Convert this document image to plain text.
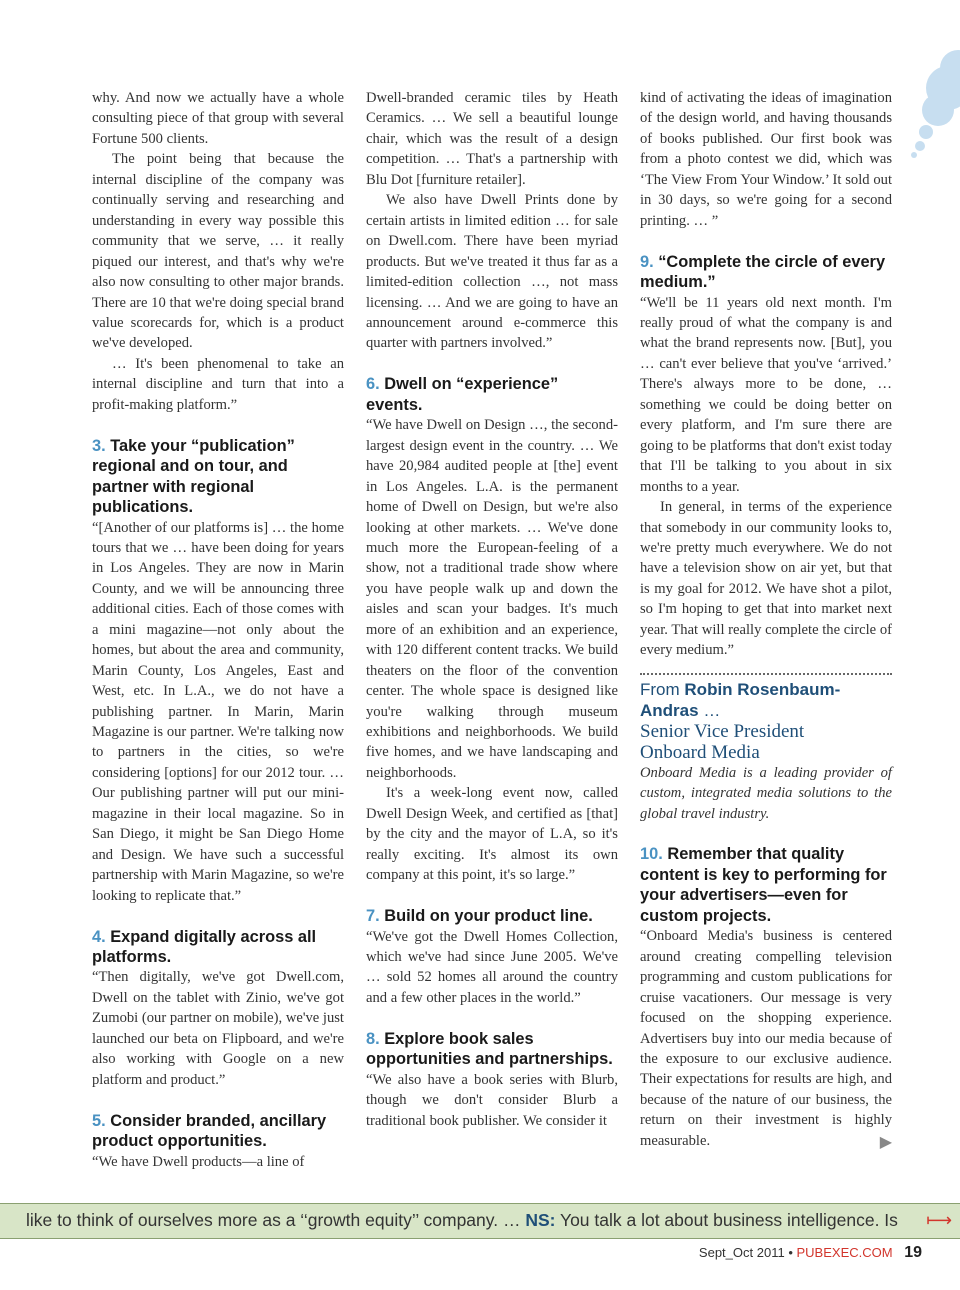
why. And now we actually have a whole consulting piece of that group with several Fortune 500 clients.

The point being that because the internal discipline of the company was continually serving and researching and understanding in every way possible this community that we serve, … it really piqued our interest, and that's why we're also now consulting to other major brands. There are 10 that we're doing special brand value scorecards for, which is a product we've developed.

… It's been phenomenal to take an internal discipline and turn that into a profit-making platform.”

3. Take your “publication” regional and on tour, and partner with regional publications.

“[Another of our platforms is] … the home tours that we … have been doing for years in Los Angeles. They are now in Marin County, and we will be announcing three additional cities. Each of those comes with a mini magazine—not only about the homes, but about the area and community, Marin County, Los Angeles, East and West, etc. In L.A., we do not have a publishing partner. In Marin, Marin Magazine is our partner. We're talking now to partners in the cities, so we're considering [options] for our 2012 tour. …Our publishing partner will put our mini-magazine in their local magazine. So in San Diego, it might be San Diego Home and Design. We have such a successful partnership with Marin Magazine, so we're looking to replicate that.”

4. Expand digitally across all platforms.

“Then digitally, we've got Dwell.com, Dwell on the tablet with Zinio, we've got Zumobi (our partner on mobile), we've just launched our beta on Flipboard, and we're also working with Google on a new platform and product.”

5. Consider branded, ancillary product opportunities.

“We have Dwell products—a line of

Dwell-branded ceramic tiles by Heath Ceramics. … We sell a beautiful lounge chair, which was the result of a design competition. … That's a partnership with Blu Dot [furniture retailer].

We also have Dwell Prints done by certain artists in limited edition … for sale on Dwell.com. There have been myriad products. But we've treated it thus far as a limited-edition collection …, not mass licensing. … And we are going to have an announcement around e-commerce this quarter with partners involved.”

6. Dwell on “experience” events.

“We have Dwell on Design …, the second-largest design event in the country. … We have 20,984 audited people at [the] event in Los Angeles. L.A. is the permanent home of Dwell on Design, but we're also looking at other markets. … We've done much more the European-feeling of a show, not a traditional trade show where you have people walk up and down the aisles and scan your badges. It's much more of an exhibition and an experience, with 120 different content tracks. We build theaters on the floor of the convention center. The whole space is designed like you're walking through museum exhibitions and neighborhoods. We build five homes, and we have landscaping and neighborhoods.

It's a week-long event now, called Dwell Design Week, and certified as [that] by the city and the mayor of L.A, so it's really exciting. It's almost its own company at this point, it's so large.”

7. Build on your product line.

“We've got the Dwell Homes Collection, which we've had since June 2005. We've … sold 52 homes all around the country and a few other places in the world.”

8. Explore book sales opportunities and partnerships.

“We also have a book series with Blurb, though we don't consider Blurb a traditional book publisher. We consider it

kind of activating the ideas of imagination of the design world, and having thousands of books published. Our first book was from a photo contest we did, which was ‘The View From Your Window.’ It sold out in 30 days, so we're going for a second printing. … ”

9. “Complete the circle of every medium.”

“We'll be 11 years old next month. I'm really proud of what the company is and what the brand represents now. [But], you … can't ever believe that you've ‘arrived.’ There's always more to be done, … something we could be doing better on every platform, and I'm sure there are going to be platforms that don't exist today that I'll be talking to you about in six months to a year.

In general, in terms of the experience that somebody in our community looks to, we're pretty much everywhere. We do not have a television show on air yet, but that is my goal for 2012. We have shot a pilot, so I'm hoping to get that into market next year. That will really complete the circle of every medium.”

From Robin Rosenbaum-Andras …
Senior Vice President
Onboard Media

Onboard Media is a leading provider of custom, integrated media solutions to the global travel industry.

10. Remember that quality content is key to performing for your advertisers—even for custom projects.

“Onboard Media's business is centered around creating compelling television programming and custom publications for cruise vacationers. Our message is very focused on the shopping experience. Advertisers buy into our media because of the exposure to our exclusive audience. Their expectations for results are high, and because of the nature of our business, the return on their investment is highly measurable.	▶

like to think of ourselves more as a ‘‘growth equity’’ company. … NS: You talk a lot about business intelligence. Is ⟼
Sept_Oct 2011 • PUBEXEC.COM 19
